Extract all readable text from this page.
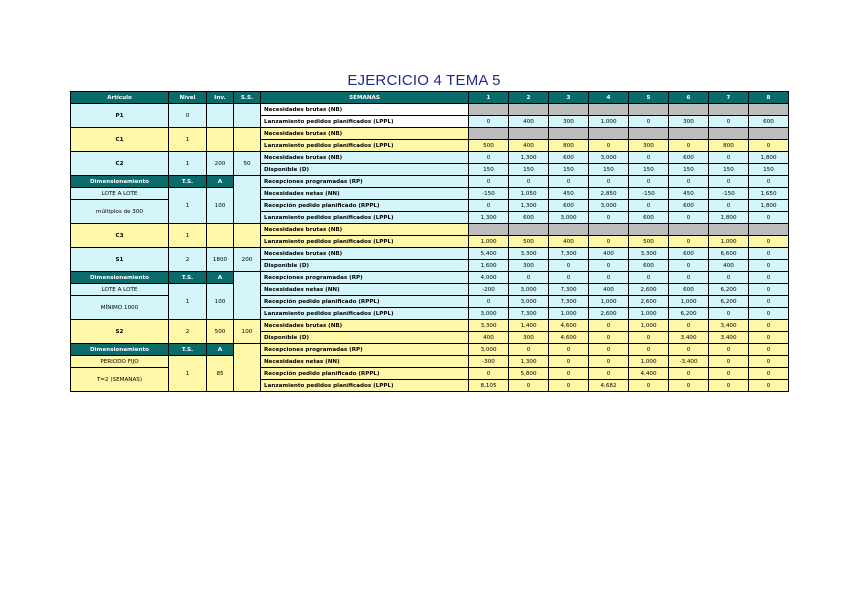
EJERCICIO 4 TEMA 5
Artículo	Nivel	Inv.	S.S.	SEMANAS	1	2	3	4	5	6	7	8
P1	0			Necesidades brutas (NB)								
				Lanzamiento pedidos planificados (LPPL)	0	400	300	1,000	0	300	0	600
C1	1			Necesidades brutas (NB)								
				Lanzamiento pedidos planificados (LPPL)	500	400	800	0	300	0	800	0
C2	1	200	50	Necesidades brutas (NB)	0	1,300	600	3,000	0	600	0	1,800
				Disponible (D)	150	150	150	150	150	150	150	150
Dimensionamiento	T.S.	A		Recepciones programadas (RP)	0	0	0	0	0	0	0	0
LOTE A LOTE	1	100		Necesidades netas (NN)	-150	1,050	450	2,850	-150	450	-150	1,650
múltiplos de 300				Recepción pedido planificado (RPPL)	0	1,300	600	3,000	0	600	0	1,800
				Lanzamiento pedidos planificados (LPPL)	1,300	600	3,000	0	600	0	1,800	0
C3	1			Necesidades brutas (NB)								
				Lanzamiento pedidos planificados (LPPL)	1,000	500	400	0	500	0	1,000	0
S1	2	1800	200	Necesidades brutas (NB)	5,400	3,300	7,300	400	3,300	600	6,600	0
				Disponible (D)	1,600	300	0	0	600	0	400	0
Dimensionamiento	T.S.	A		Recepciones programadas (RP)	4,000	0	0	0	0	0	0	0
LOTE A LOTE	1	100		Necesidades netas (NN)	-200	3,000	7,300	400	2,600	600	6,200	0
MÍNIMO 1000				Recepción pedido planificado (RPPL)	0	3,000	7,300	1,000	2,600	1,000	6,200	0
				Lanzamiento pedidos planificados (LPPL)	3,000	7,300	1,000	2,600	1,000	6,200	0	0
S2	2	500	100	Necesidades brutas (NB)	3,300	1,400	4,600	0	1,000	0	3,400	0
				Disponible (D)	400	300	4,600	0	0	3,400	3,400	0
Dimensionamiento	T.S.	A		Recepciones programadas (RP)	3,000	0	0	0	0	0	0	0
PERIODO FIJO	1	85		Necesidades netas (NN)	-300	1,300	0	0	1,000	-3,400	0	0
T=2 (SEMANAS)				Recepción pedido planificado (RPPL)	0	5,800	0	0	4,400	0	0	0
				Lanzamiento pedidos planificados (LPPL)	8,105	0	0	4,682	0	0	0	0
